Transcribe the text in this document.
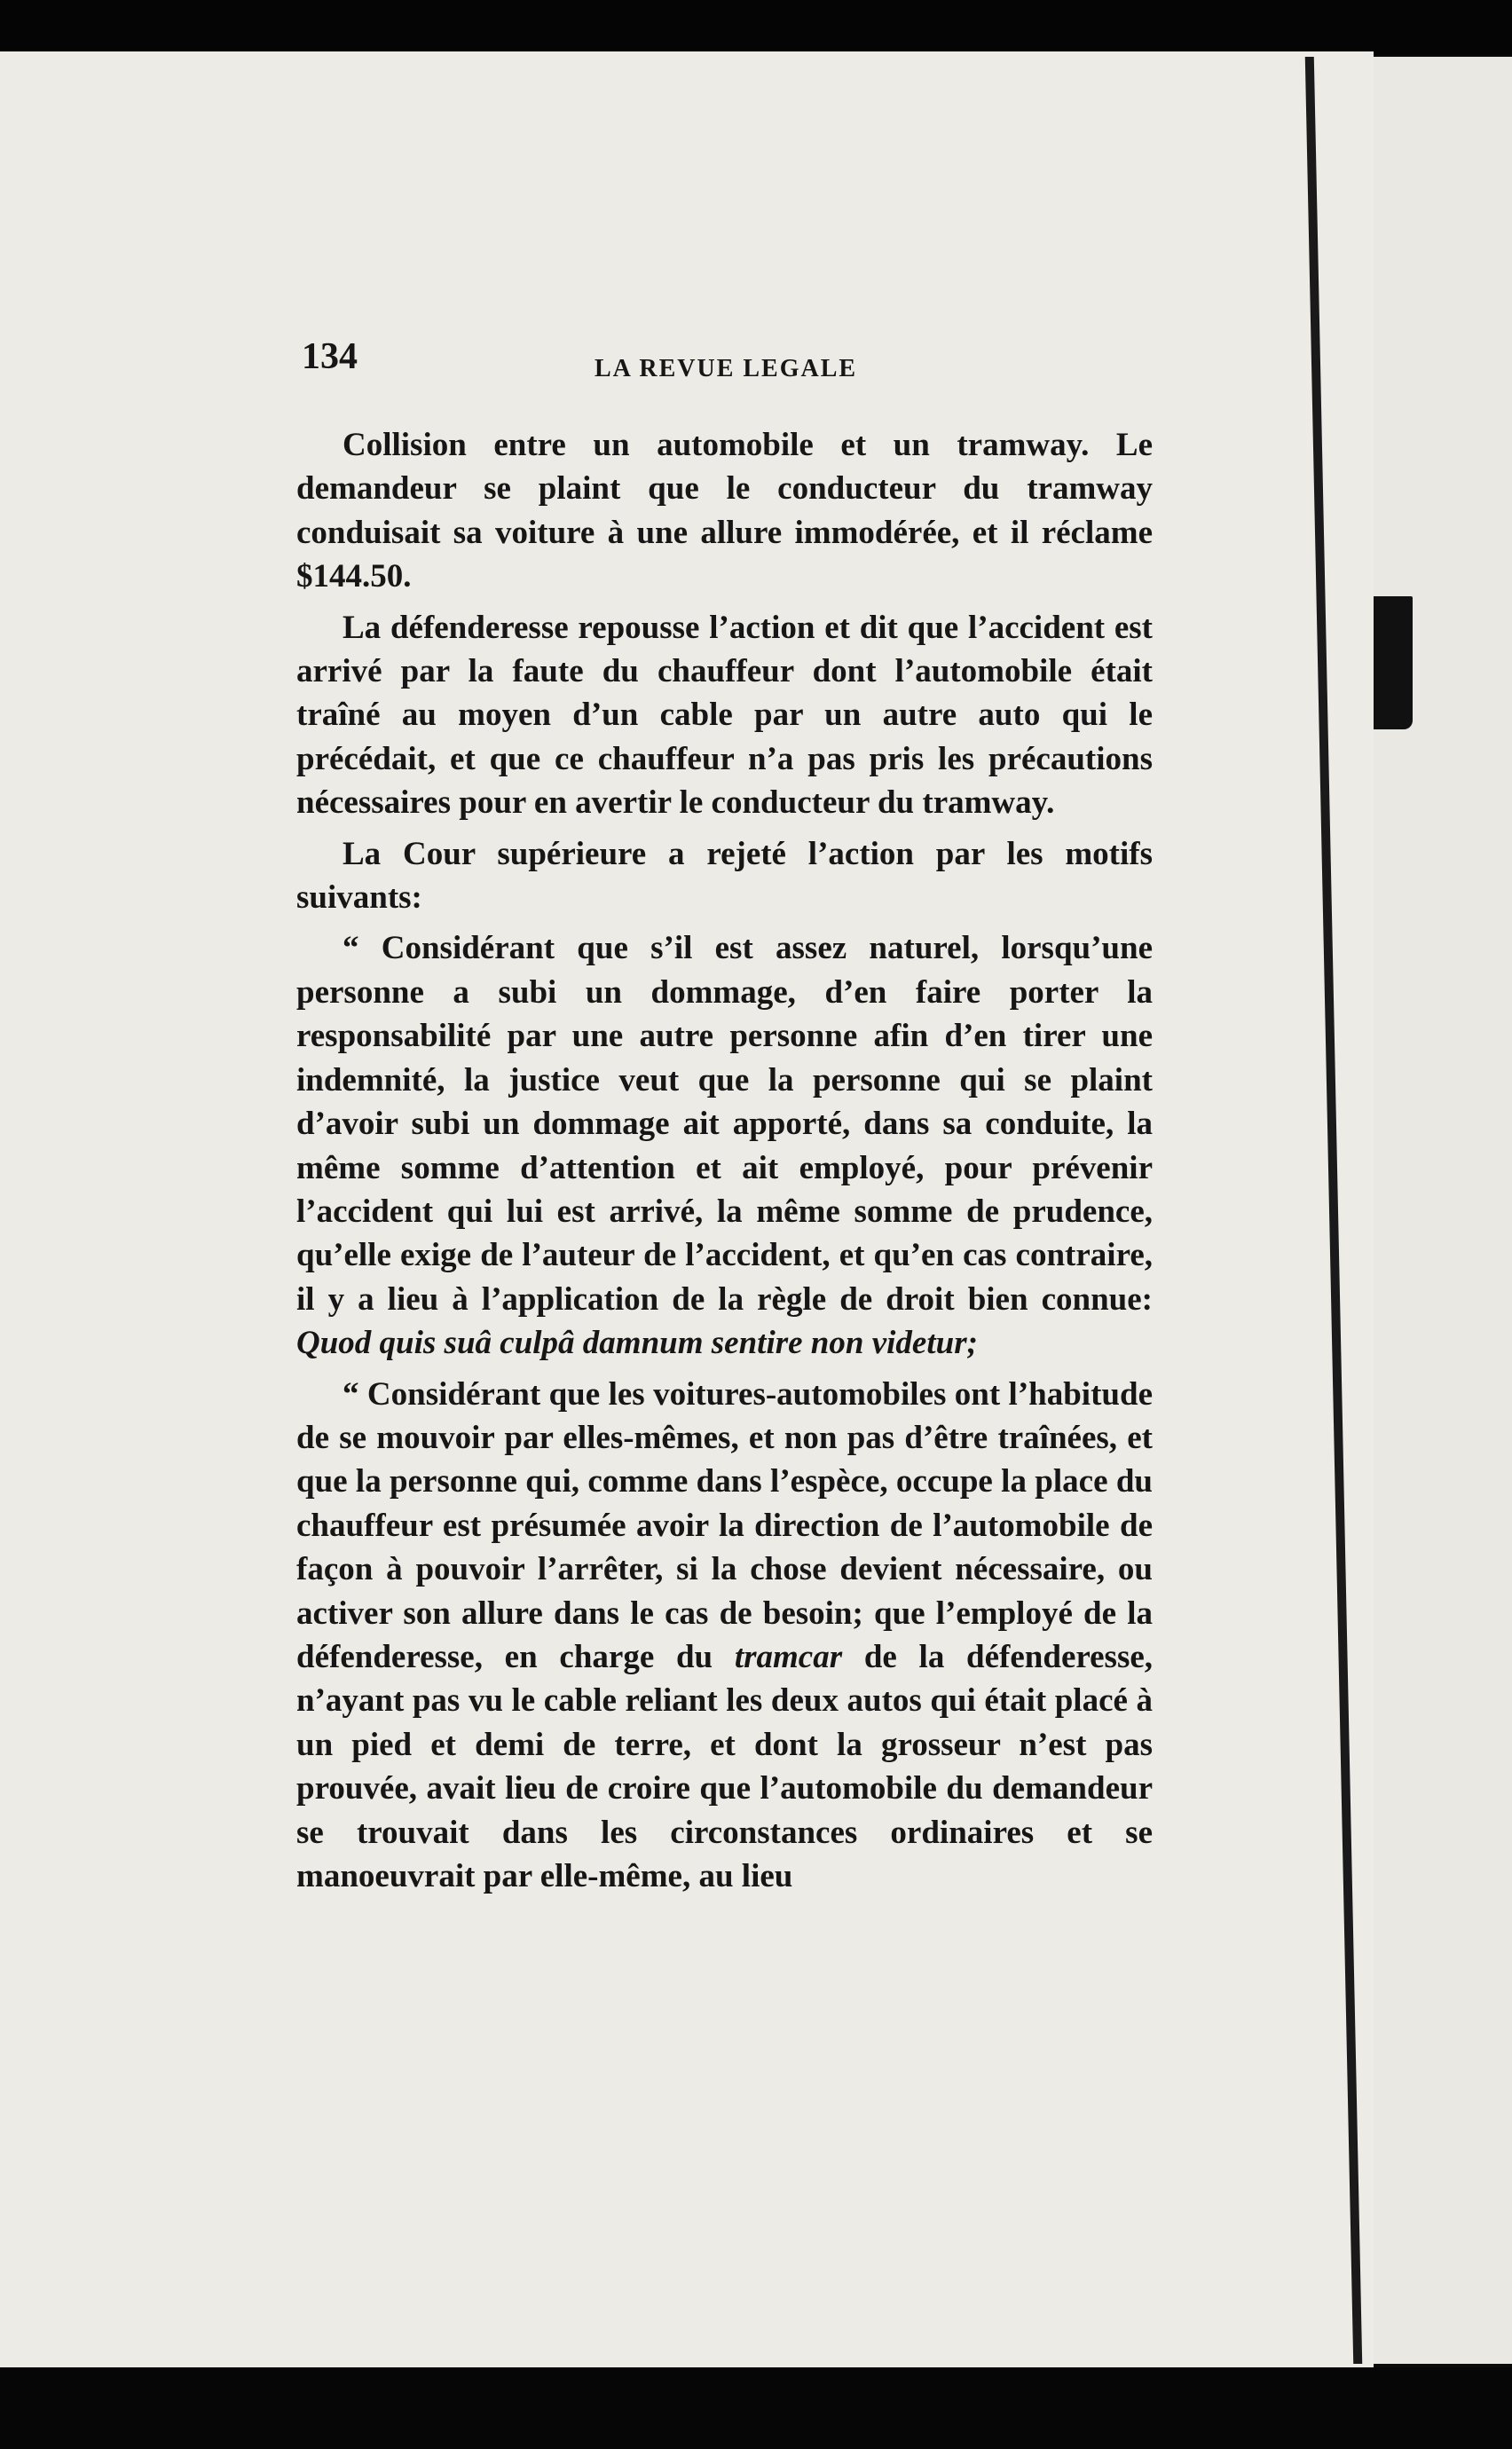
134	LA REVUE LEGALE

Collision entre un automobile et un tramway. Le demandeur se plaint que le conducteur du tramway conduisait sa voiture à une allure immodérée, et il réclame $144.50.

La défenderesse repousse l’action et dit que l’accident est arrivé par la faute du chauffeur dont l’automobile était traîné au moyen d’un cable par un autre auto qui le précédait, et que ce chauffeur n’a pas pris les précautions nécessaires pour en avertir le conducteur du tramway.

La Cour supérieure a rejeté l’action par les motifs suivants:

“ Considérant que s’il est assez naturel, lorsqu’une personne a subi un dommage, d’en faire porter la responsabilité par une autre personne afin d’en tirer une indemnité, la justice veut que la personne qui se plaint d’avoir subi un dommage ait apporté, dans sa conduite, la même somme d’attention et ait employé, pour prévenir l’accident qui lui est arrivé, la même somme de prudence, qu’elle exige de l’auteur de l’accident, et qu’en cas contraire, il y a lieu à l’application de la règle de droit bien connue: Quod quis suâ culpâ damnum sentire non videtur;

“ Considérant que les voitures-automobiles ont l’habitude de se mouvoir par elles-mêmes, et non pas d’être traînées, et que la personne qui, comme dans l’espèce, occupe la place du chauffeur est présumée avoir la direction de l’automobile de façon à pouvoir l’arrêter, si la chose devient nécessaire, ou activer son allure dans le cas de besoin; que l’employé de la défenderesse, en charge du tramcar de la défenderesse, n’ayant pas vu le cable reliant les deux autos qui était placé à un pied et demi de terre, et dont la grosseur n’est pas prouvée, avait lieu de croire que l’automobile du demandeur se trouvait dans les circonstances ordinaires et se manoeuvrait par elle-même, au lieu
